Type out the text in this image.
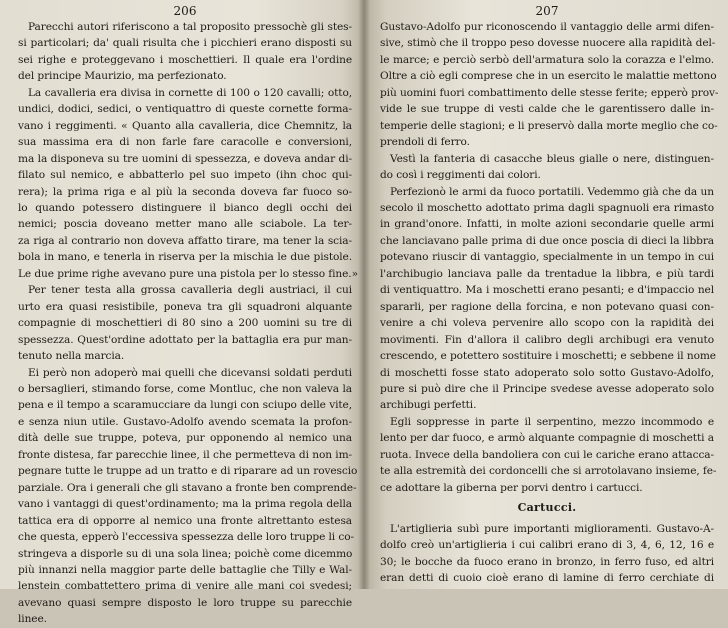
206
Parecchi autori riferiscono a tal proposito pressochè gli stes-
si particolari; da' quali risulta che i picchieri erano disposti su
sei righe e proteggevano i moschettieri. Il quale era l'ordine
del principe Maurizio, ma perfezionato.
La cavalleria era divisa in cornette di 100 o 120 cavalli; otto,
undici, dodici, sedici, o ventiquattro di queste cornette forma-
vano i reggimenti. « Quanto alla cavalleria, dice Chemnitz, la
sua massima era di non farle fare caracolle e conversioni,
ma la disponeva su tre uomini di spessezza, e doveva andar di-
filato sul nemico, e abbatterlo pel suo impeto (ihn choc qui-
rera); la prima riga e al più la seconda doveva far fuoco so-
lo quando potessero distinguere il bianco degli occhi dei
nemici; poscia doveano metter mano alle sciabole. La ter-
za riga al contrario non doveva affatto tirare, ma tener la scia-
bola in mano, e tenerla in riserva per la mischia le due pistole.
Le due prime righe avevano pure una pistola per lo stesso fine.»
Per tener testa alla grossa cavalleria degli austriaci, il cui
urto era quasi resistibile, poneva tra gli squadroni alquante
compagnie di moschettieri di 80 sino a 200 uomini su tre di
spessezza. Quest'ordine adottato per la battaglia era pur man-
tenuto nella marcia.
Ei però non adoperò mai quelli che dicevansi soldati perduti
o bersaglieri, stimando forse, come Montluc, che non valeva la
pena e il tempo a scaramucciare da lungi con sciupo delle vite,
e senza niun utile. Gustavo-Adolfo avendo scemata la profon-
dità delle sue truppe, poteva, pur opponendo al nemico una
fronte distesa, far parecchie linee, il che permetteva di non im-
pegnare tutte le truppe ad un tratto e di riparare ad un rovescio
parziale. Ora i generali che gli stavano a fronte ben comprende-
vano i vantaggi di quest'ordinamento; ma la prima regola della
tattica era di opporre al nemico una fronte altrettanto estesa
che questa, epperò l'eccessiva spessezza delle loro truppe li co-
stringeva a disporle su di una sola linea; poichè come dicemmo
più innanzi nella maggior parte delle battaglie che Tilly e Wal-
lenstein combattettero prima di venire alle mani coi svedesi;
avevano quasi sempre disposto le loro truppe su parecchie
linee.
207
Gustavo-Adolfo pur riconoscendo il vantaggio delle armi difen-
sive, stimò che il troppo peso dovesse nuocere alla rapidità del-
le marce; e perciò serbò dell'armatura solo la corazza e l'elmo.
Oltre a ciò egli comprese che in un esercito le malattie mettono
più uomini fuori combattimento delle stesse ferite; epperò prov-
vide le sue truppe di vesti calde che le garentissero dalle in-
temperie delle stagioni; e li preservò dalla morte meglio che co-
prendoli di ferro.
Vestì la fanteria di casacche bleus gialle o nere, distinguen-
do così i reggimenti dai colori.
Perfezionò le armi da fuoco portatili. Vedemmo già che da un
secolo il moschetto adottato prima dagli spagnuoli era rimasto
in grand'onore. Infatti, in molte azioni secondarie quelle armi
che lanciavano palle prima di due once poscia di dieci la libbra
potevano riuscir di vantaggio, specialmente in un tempo in cui
l'archibugio lanciava palle da trentadue la libbra, e più tardi
di ventiquattro. Ma i moschetti erano pesanti; e d'impaccio nel
spararli, per ragione della forcina, e non potevano quasi con-
venire a chi voleva pervenire allo scopo con la rapidità dei
movimenti. Fin d'allora il calibro degli archibugi era venuto
crescendo, e potettero sostituire i moschetti; e sebbene il nome
di moschetti fosse stato adoperato solo sotto Gustavo-Adolfo,
pure si può dire che il Principe svedese avesse adoperato solo
archibugi perfetti.
Egli soppresse in parte il serpentino, mezzo incommodo e
lento per dar fuoco, e armò alquante compagnie di moschetti a
ruota. Invece della bandoliera con cui le cariche erano attacca-
te alla estremità dei cordoncelli che si arrotolavano insieme, fe-
ce adottare la giberna per porvi dentro i cartucci.
Cartucci.
L'artiglieria subì pure importanti miglioramenti. Gustavo-A-
dolfo creò un'artiglieria i cui calibri erano di 3, 4, 6, 12, 16 e
30; le bocche da fuoco erano in bronzo, in ferro fuso, ed altri
eran detti di cuoio cioè erano di lamine di ferro cerchiate di
